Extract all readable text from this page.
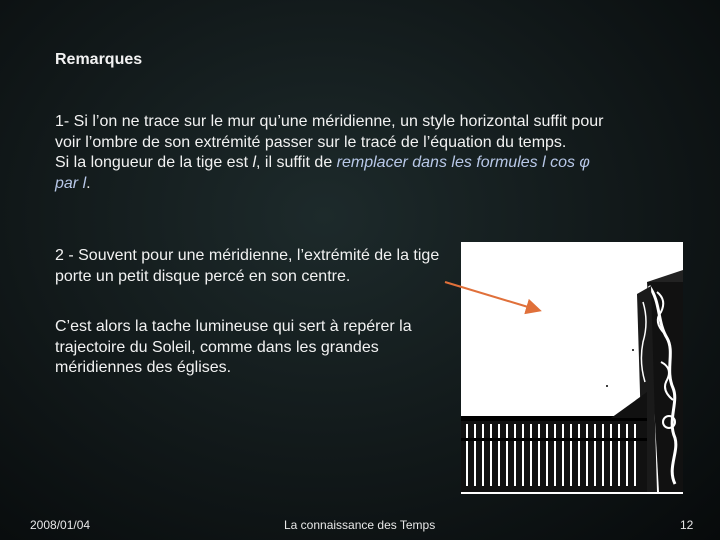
Remarques
1- Si l’on ne trace sur le mur qu’une méridienne, un style horizontal suffit pour
voir l’ombre de son extrémité passer sur le tracé de l’équation du temps.
Si la longueur de la tige est l, il suffit de remplacer dans les formules l cos φ
par l.
2 - Souvent pour une méridienne, l’extrémité de la tige porte un petit disque percé en son centre.
C’est alors la tache lumineuse qui sert à repérer la trajectoire du Soleil, comme dans les grandes méridiennes des églises.
2008/01/04	La connaissance des Temps	12
